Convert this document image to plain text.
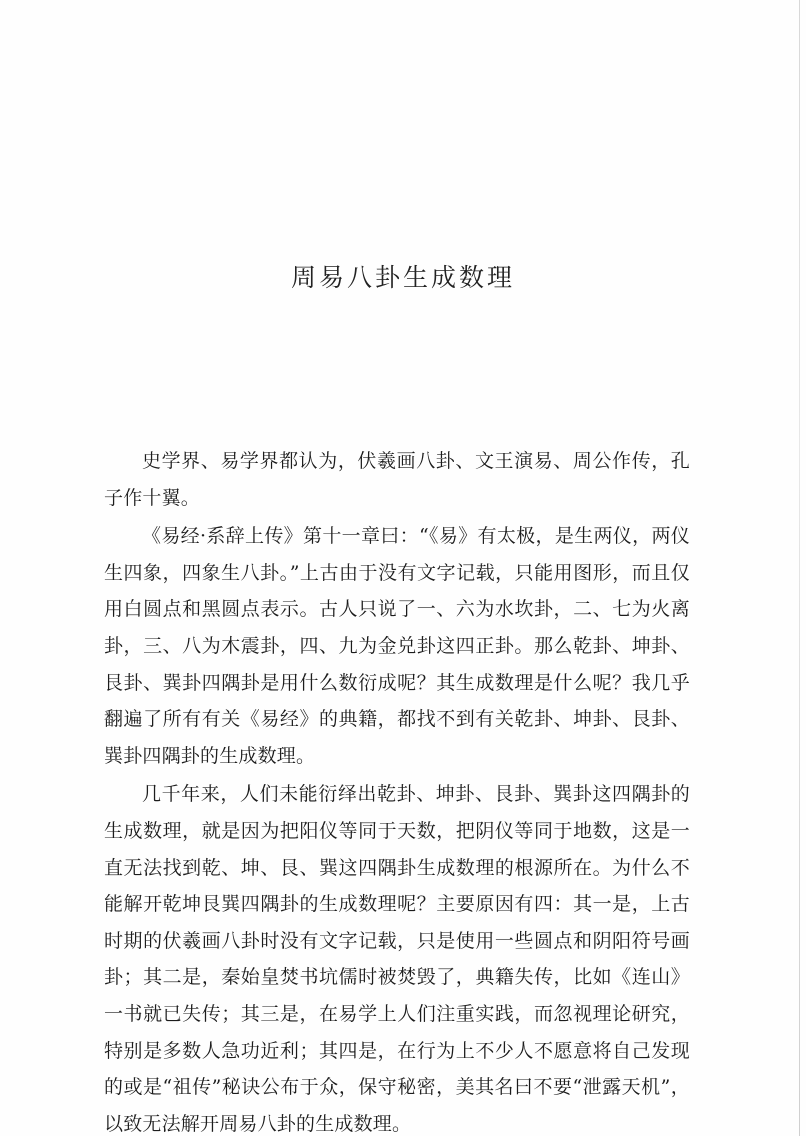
周易八卦生成数理

史学界、易学界都认为，伏羲画八卦、文王演易、周公作传，孔子作十翼。

《易经·系辞上传》第十一章曰：“《易》有太极，是生两仪，两仪生四象，四象生八卦。”上古由于没有文字记载，只能用图形，而且仅用白圆点和黑圆点表示。古人只说了一、六为水坎卦，二、七为火离卦，三、八为木震卦，四、九为金兑卦这四正卦。那么乾卦、坤卦、艮卦、巽卦四隅卦是用什么数衍成呢？其生成数理是什么呢？我几乎翻遍了所有有关《易经》的典籍，都找不到有关乾卦、坤卦、艮卦、巽卦四隅卦的生成数理。

几千年来，人们未能衍绎出乾卦、坤卦、艮卦、巽卦这四隅卦的生成数理，就是因为把阳仪等同于天数，把阴仪等同于地数，这是一直无法找到乾、坤、艮、巽这四隅卦生成数理的根源所在。为什么不能解开乾坤艮巽四隅卦的生成数理呢？主要原因有四：其一是，上古时期的伏羲画八卦时没有文字记载，只是使用一些圆点和阴阳符号画卦；其二是，秦始皇焚书坑儒时被焚毁了，典籍失传，比如《连山》一书就已失传；其三是，在易学上人们注重实践，而忽视理论研究，特别是多数人急功近利；其四是，在行为上不少人不愿意将自己发现的或是“祖传”秘诀公布于众，保守秘密，美其名曰不要“泄露天机”，以致无法解开周易八卦的生成数理。
